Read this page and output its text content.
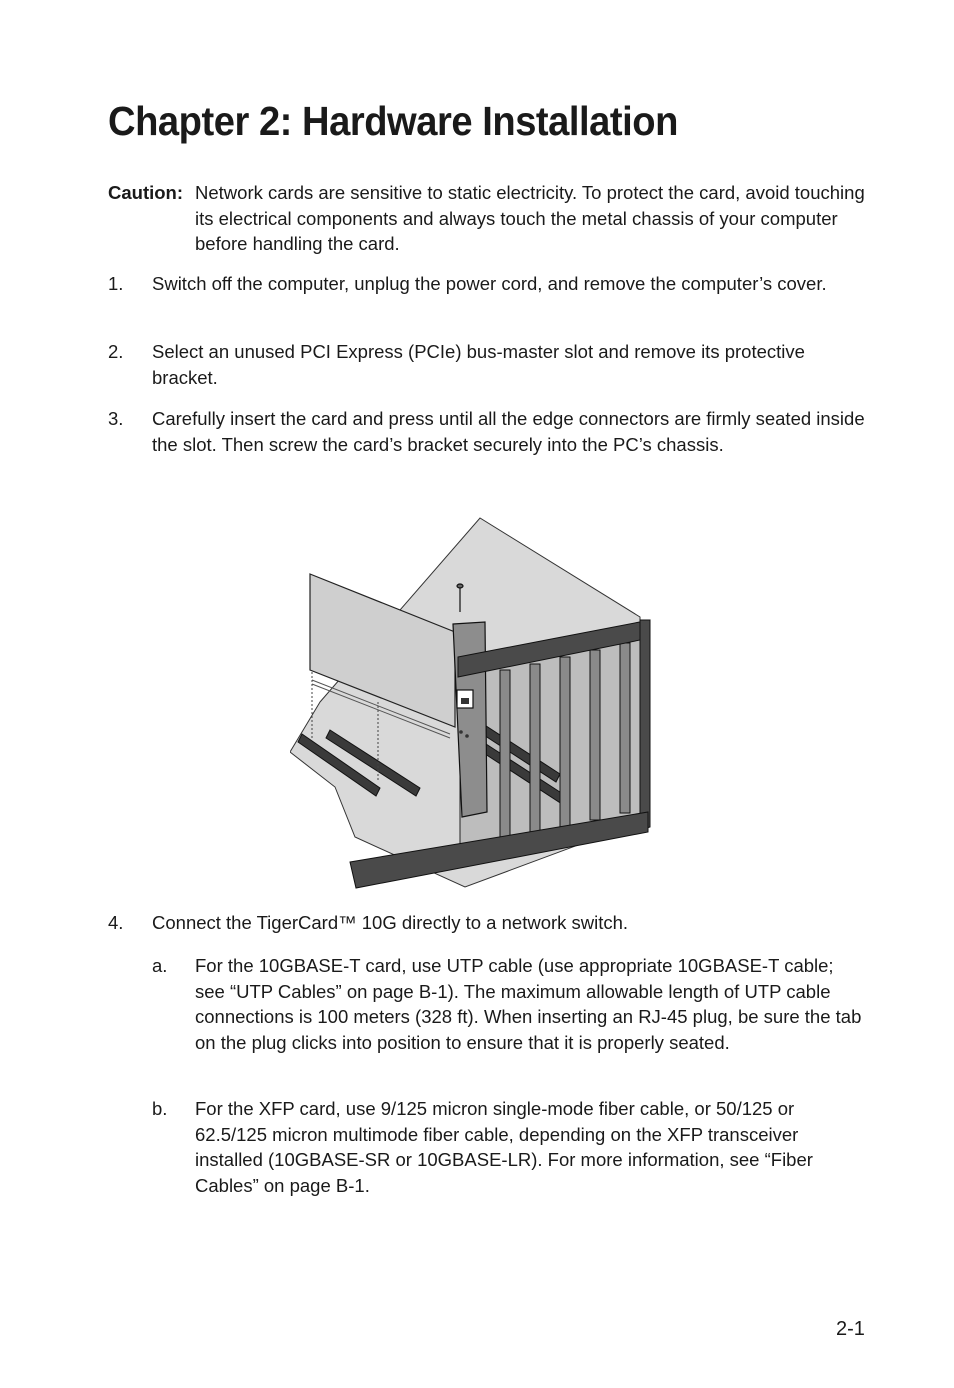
Chapter 2: Hardware Installation
Caution: Network cards are sensitive to static electricity. To protect the card, avoid touching its electrical components and always touch the metal chassis of your computer before handling the card.
1. Switch off the computer, unplug the power cord, and remove the computer’s cover.
2. Select an unused PCI Express (PCIe) bus-master slot and remove its protective bracket.
3. Carefully insert the card and press until all the edge connectors are firmly seated inside the slot. Then screw the card’s bracket securely into the PC’s chassis.
4. Connect the TigerCard™ 10G directly to a network switch.
a. For the 10GBASE-T card, use UTP cable (use appropriate 10GBASE-T cable; see “UTP Cables” on page B-1). The maximum allowable length of UTP cable connections is 100 meters (328 ft). When inserting an RJ-45 plug, be sure the tab on the plug clicks into position to ensure that it is properly seated.
b. For the XFP card, use 9/125 micron single-mode fiber cable, or 50/125 or 62.5/125 micron multimode fiber cable, depending on the XFP transceiver installed (10GBASE-SR or 10GBASE-LR). For more information, see “Fiber Cables” on page B-1.
2-1
